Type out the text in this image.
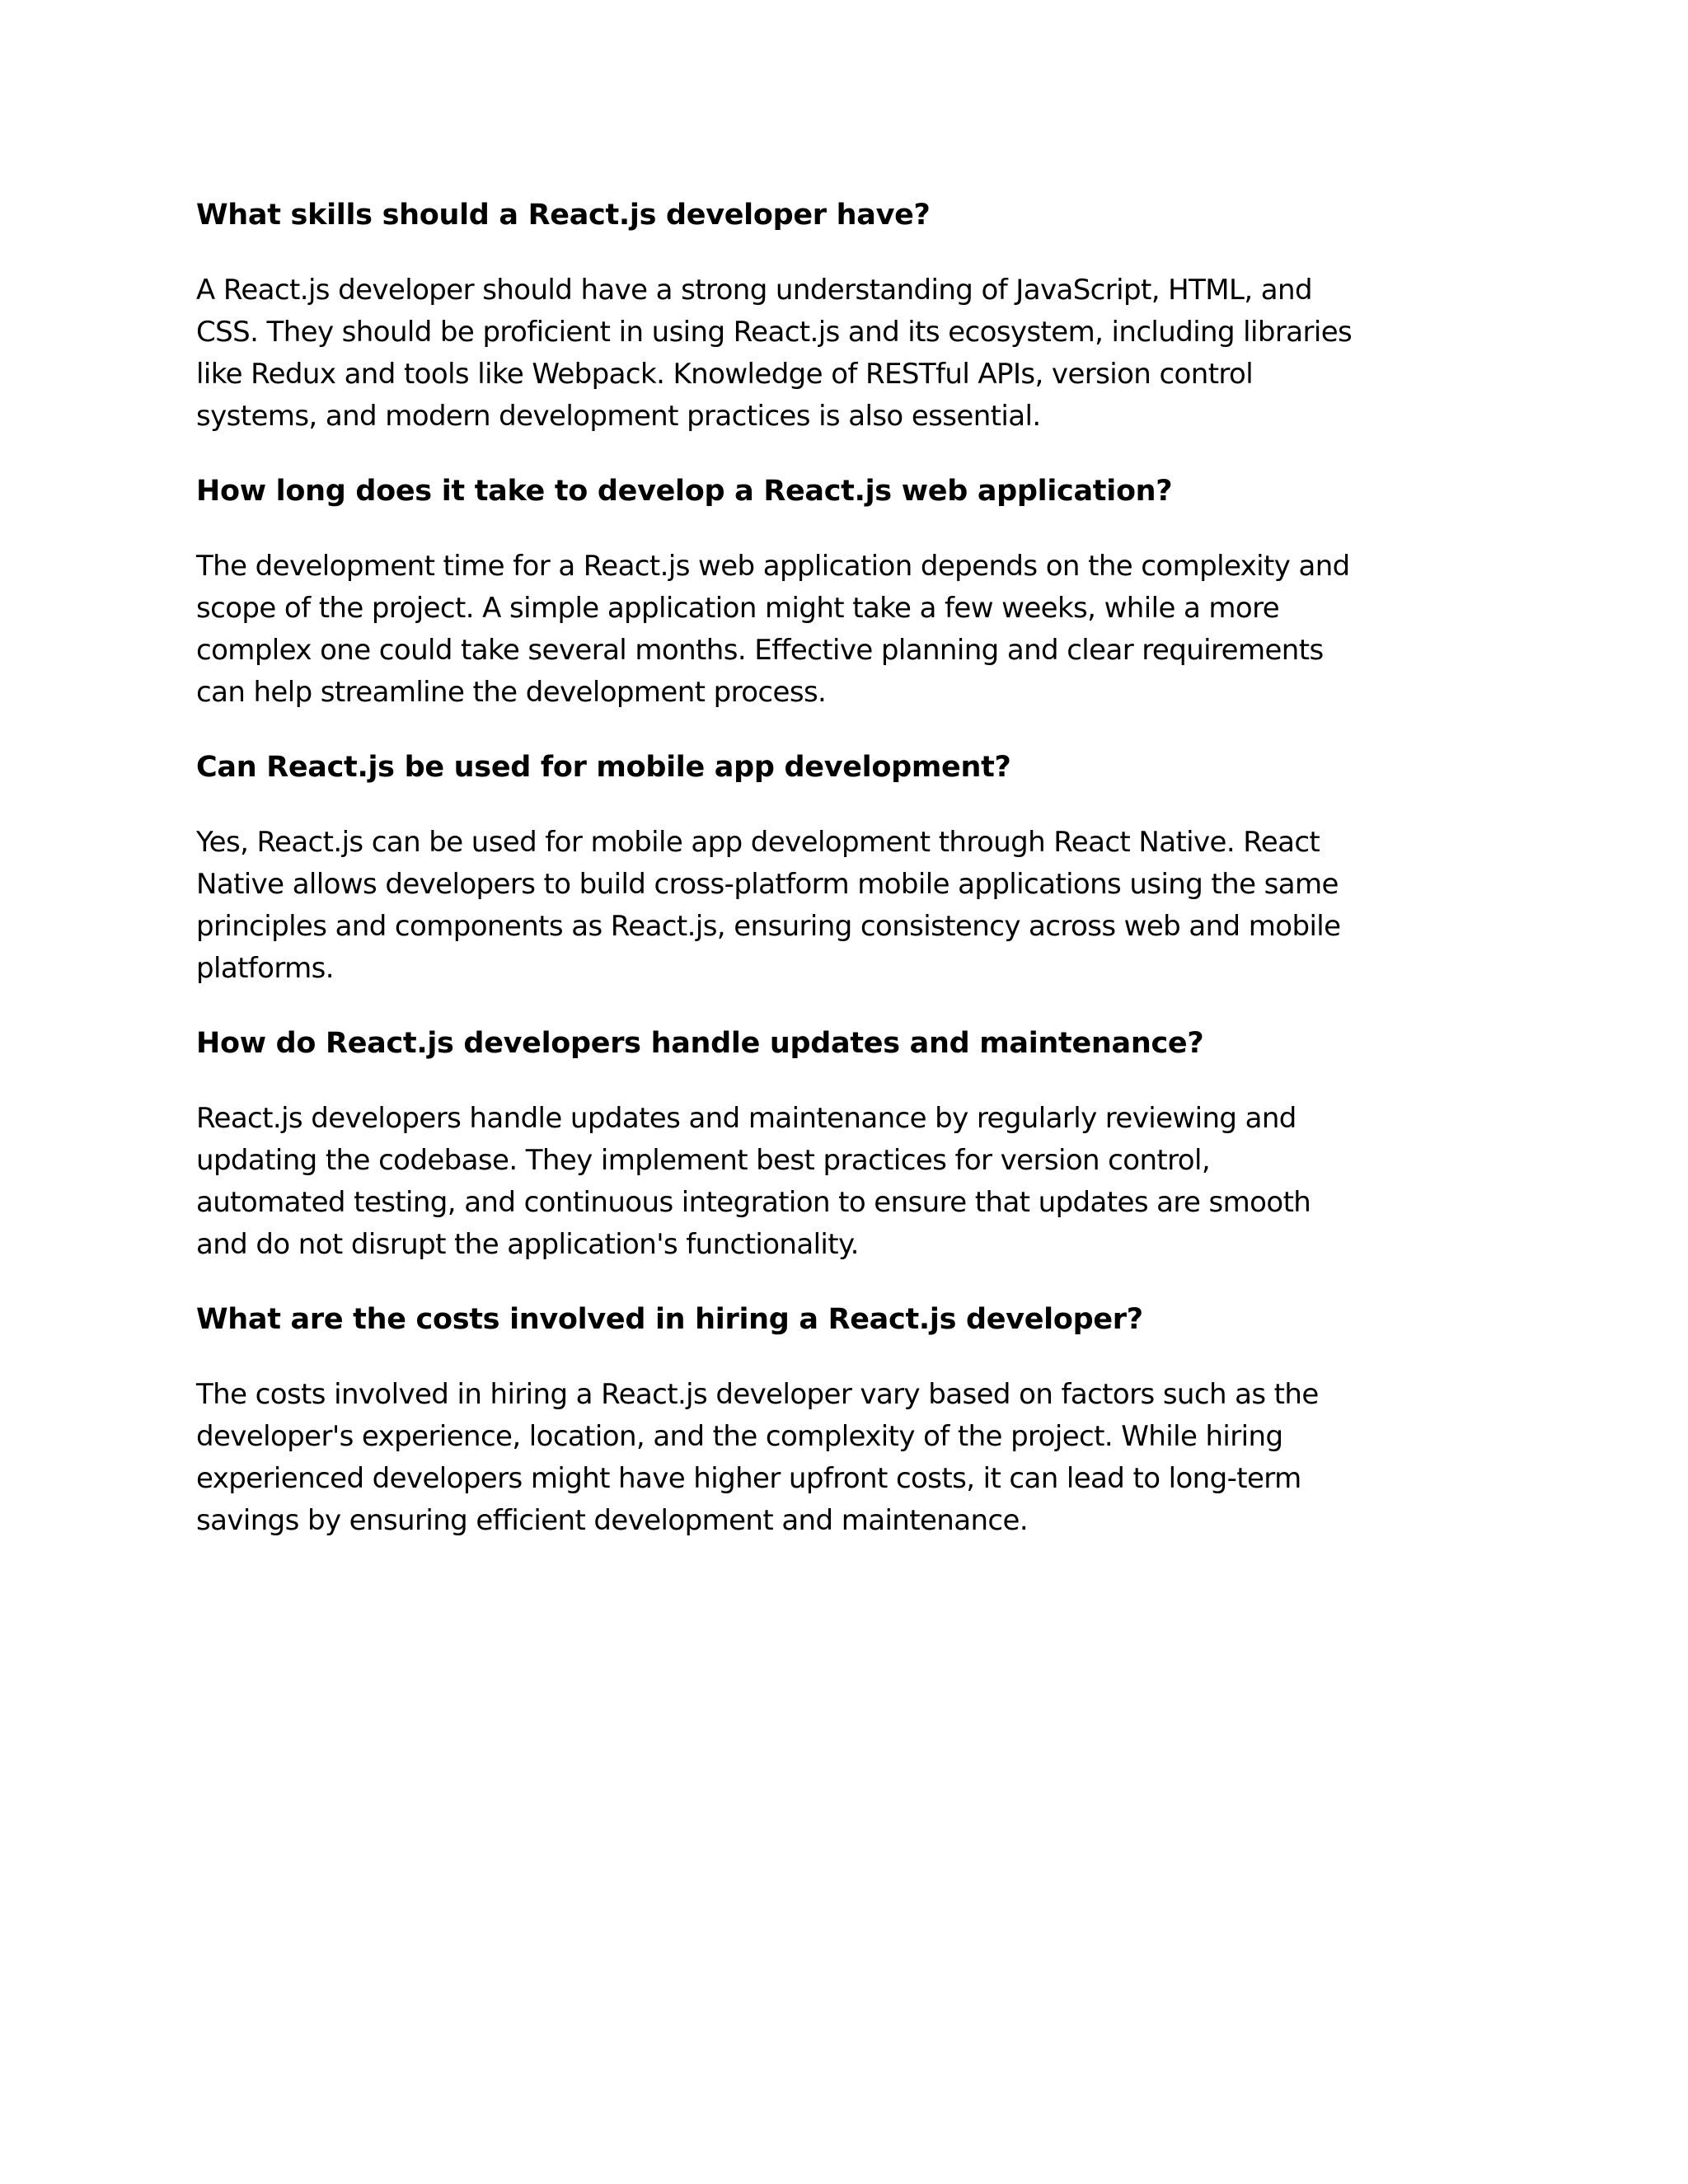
What skills should a React.js developer have?

A React.js developer should have a strong understanding of JavaScript, HTML, and
CSS. They should be proficient in using React.js and its ecosystem, including libraries
like Redux and tools like Webpack. Knowledge of RESTful APIs, version control
systems, and modern development practices is also essential.

How long does it take to develop a React.js web application?

The development time for a React.js web application depends on the complexity and
scope of the project. A simple application might take a few weeks, while a more
complex one could take several months. Effective planning and clear requirements
can help streamline the development process.

Can React.js be used for mobile app development?

Yes, React.js can be used for mobile app development through React Native. React
Native allows developers to build cross-platform mobile applications using the same
principles and components as React.js, ensuring consistency across web and mobile
platforms.

How do React.js developers handle updates and maintenance?

React.js developers handle updates and maintenance by regularly reviewing and
updating the codebase. They implement best practices for version control,
automated testing, and continuous integration to ensure that updates are smooth
and do not disrupt the application's functionality.

What are the costs involved in hiring a React.js developer?

The costs involved in hiring a React.js developer vary based on factors such as the
developer's experience, location, and the complexity of the project. While hiring
experienced developers might have higher upfront costs, it can lead to long-term
savings by ensuring efficient development and maintenance.
